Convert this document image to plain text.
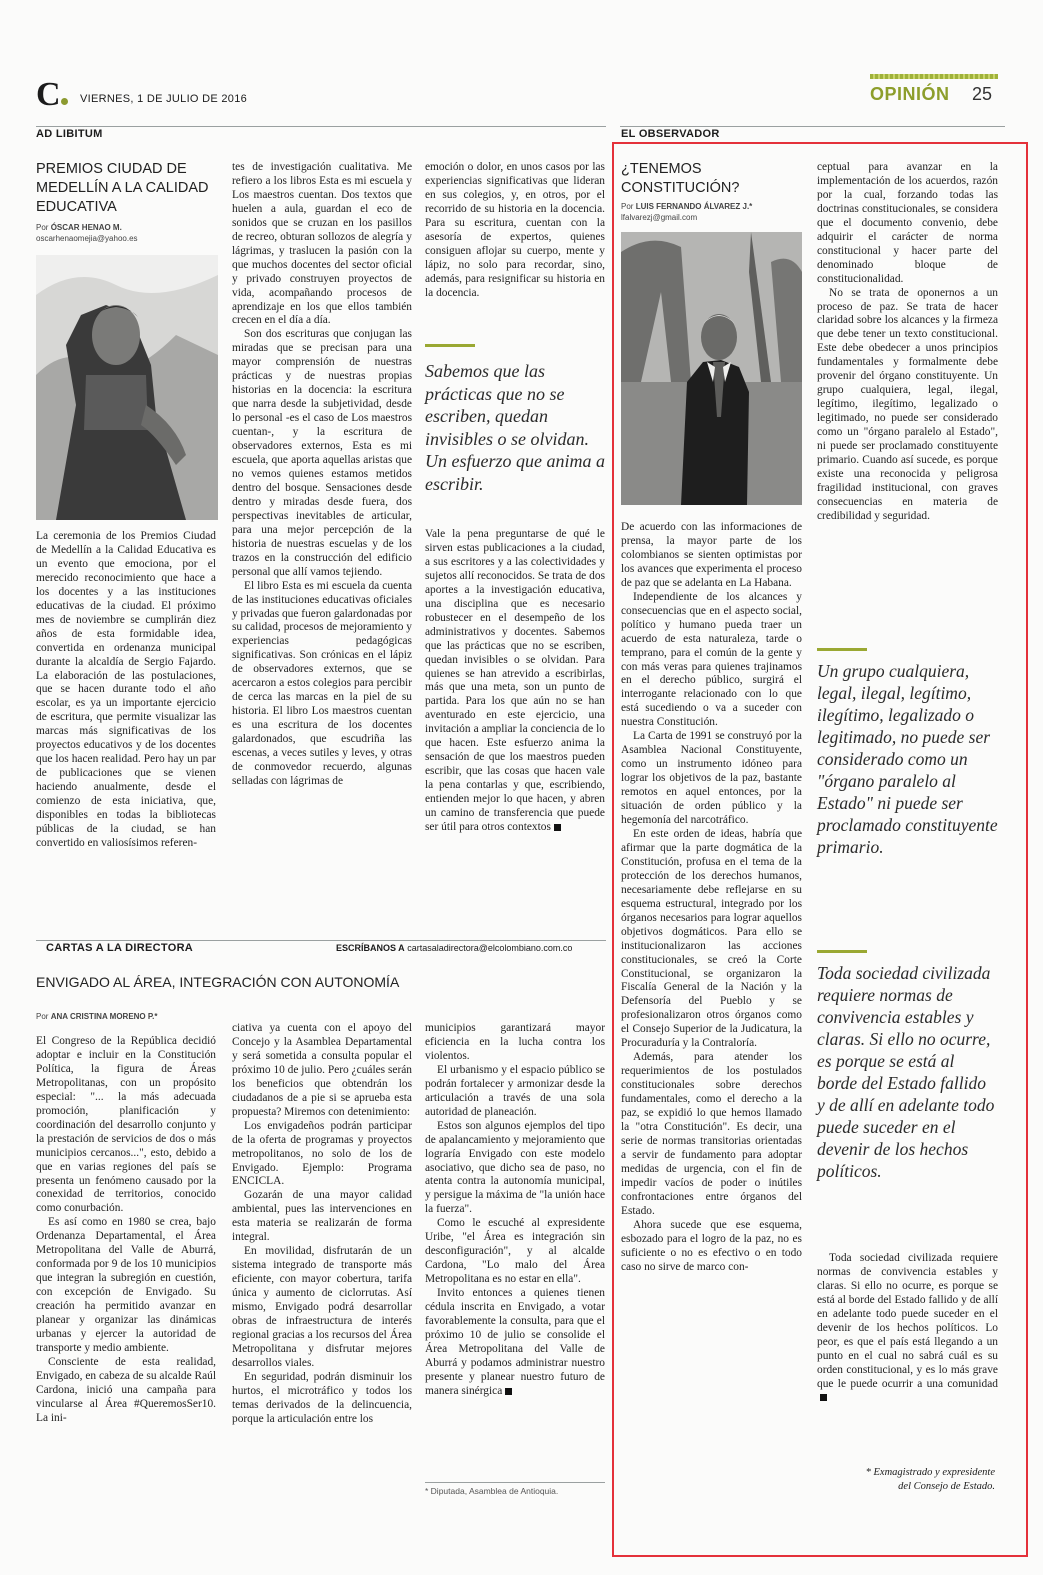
C	VIERNES, 1 DE JULIO DE 2016	OPINIÓN 25
AD LIBITUM
PREMIOS CIUDAD DE MEDELLÍN A LA CALIDAD EDUCATIVA
Por ÓSCAR HENAO M.
oscarhenaomejia@yahoo.es

La ceremonia de los Premios Ciudad de Medellín a la Calidad Educativa es un evento que emociona, por el merecido reconocimiento que hace a los docentes y a las instituciones educativas de la ciudad. El próximo mes de noviembre se cumplirán diez años de esta formidable idea, convertida en ordenanza municipal durante la alcaldía de Sergio Fajardo. La elaboración de las postulaciones, que se hacen durante todo el año escolar, es ya un importante ejercicio de escritura, que permite visualizar las marcas más significativas de los proyectos educativos y de los docentes que los hacen realidad. Pero hay un par de publicaciones que se vienen haciendo anualmente, desde el comienzo de esta iniciativa, que, disponibles en todas la bibliotecas públicas de la ciudad, se han convertido en valiosísimos referen-

tes de investigación cualitativa. Me refiero a los libros Esta es mi escuela y Los maestros cuentan. Dos textos que huelen a aula, guardan el eco de sonidos que se cruzan en los pasillos de recreo, obturan sollozos de alegría y lágrimas, y traslucen la pasión con la que muchos docentes del sector oficial y privado construyen proyectos de vida, acompañando procesos de aprendizaje en los que ellos también crecen en el día a día.

Son dos escrituras que conjugan las miradas que se precisan para una mayor comprensión de nuestras prácticas y de nuestras propias historias en la docencia: la escritura que narra desde la subjetividad, desde lo personal -es el caso de Los maestros cuentan-, y la escritura de observadores externos, Esta es mi escuela, que aporta aquellas aristas que no vemos quienes estamos metidos dentro del bosque. Sensaciones desde dentro y miradas desde fuera, dos perspectivas inevitables de articular, para una mejor percepción de la historia de nuestras escuelas y de los trazos en la construcción del edificio personal que allí vamos tejiendo.

El libro Esta es mi escuela da cuenta de las instituciones educativas oficiales y privadas que fueron galardonadas por su calidad, procesos de mejoramiento y experiencias pedagógicas significativas. Son crónicas en el lápiz de observadores externos, que se acercaron a estos colegios para percibir de cerca las marcas en la piel de su historia. El libro Los maestros cuentan es una escritura de los docentes galardonados, que escudriña las escenas, a veces sutiles y leves, y otras de conmovedor recuerdo, algunas selladas con lágrimas de

emoción o dolor, en unos casos por las experiencias significativas que lideran en sus colegios, y, en otros, por el recorrido de su historia en la docencia. Para su escritura, cuentan con la asesoría de expertos, quienes consiguen aflojar su cuerpo, mente y lápiz, no solo para recordar, sino, además, para resignificar su historia en la docencia.

Sabemos que las prácticas que no se escriben, quedan invisibles o se olvidan. Un esfuerzo que anima a escribir.

Vale la pena preguntarse de qué le sirven estas publicaciones a la ciudad, a sus escritores y a las colectividades y sujetos allí reconocidos. Se trata de dos aportes a la investigación educativa, una disciplina que es necesario robustecer en el desempeño de los administrativos y docentes. Sabemos que las prácticas que no se escriben, quedan invisibles o se olvidan. Para quienes se han atrevido a escribirlas, más que una meta, son un punto de partida. Para los que aún no se han aventurado en este ejercicio, una invitación a ampliar la conciencia de lo que hacen. Este esfuerzo anima la sensación de que los maestros pueden escribir, que las cosas que hacen vale la pena contarlas y que, escribiendo, entienden mejor lo que hacen, y abren un camino de transferencia que puede ser útil para otros contextos

CARTAS A LA DIRECTORA	ESCRÍBANOS A cartasaladirectora@elcolombiano.com.co
ENVIGADO AL ÁREA, INTEGRACIÓN CON AUTONOMÍA
Por ANA CRISTINA MORENO P.*

El Congreso de la República decidió adoptar e incluir en la Constitución Política, la figura de Áreas Metropolitanas, con un propósito especial: "... la más adecuada promoción, planificación y coordinación del desarrollo conjunto y la prestación de servicios de dos o más municipios cercanos...", esto, debido a que en varias regiones del país se presenta un fenómeno causado por la conexidad de territorios, conocido como conurbación.

Es así como en 1980 se crea, bajo Ordenanza Departamental, el Área Metropolitana del Valle de Aburrá, conformada por 9 de los 10 municipios que integran la subregión en cuestión, con excepción de Envigado. Su creación ha permitido avanzar en planear y organizar las dinámicas urbanas y ejercer la autoridad de transporte y medio ambiente.

Consciente de esta realidad, Envigado, en cabeza de su alcalde Raúl Cardona, inició una campaña para vincularse al Área #QueremosSer10. La ini-

ciativa ya cuenta con el apoyo del Concejo y la Asamblea Departamental y será sometida a consulta popular el próximo 10 de julio. Pero ¿cuáles serán los beneficios que obtendrán los ciudadanos de a pie si se aprueba esta propuesta? Miremos con detenimiento:

Los envigadeños podrán participar de la oferta de programas y proyectos metropolitanos, no solo de los de Envigado. Ejemplo: Programa ENCICLA.

Gozarán de una mayor calidad ambiental, pues las intervenciones en esta materia se realizarán de forma integral.

En movilidad, disfrutarán de un sistema integrado de transporte más eficiente, con mayor cobertura, tarifa única y aumento de ciclorrutas. Así mismo, Envigado podrá desarrollar obras de infraestructura de interés regional gracias a los recursos del Área Metropolitana y disfrutar mejores desarrollos viales.

En seguridad, podrán disminuir los hurtos, el microtráfico y todos los temas derivados de la delincuencia, porque la articulación entre los

municipios garantizará mayor eficiencia en la lucha contra los violentos.

El urbanismo y el espacio público se podrán fortalecer y armonizar desde la articulación a través de una sola autoridad de planeación.

Estos son algunos ejemplos del tipo de apalancamiento y mejoramiento que lograría Envigado con este modelo asociativo, que dicho sea de paso, no atenta contra la autonomía municipal, y persigue la máxima de "la unión hace la fuerza".

Como le escuché al expresidente Uribe, "el Área es integración sin desconfiguración", y al alcalde Cardona, "Lo malo del Área Metropolitana es no estar en ella".

Invito entonces a quienes tienen cédula inscrita en Envigado, a votar favorablemente la consulta, para que el próximo 10 de julio se consolide el Área Metropolitana del Valle de Aburrá y podamos administrar nuestro presente y planear nuestro futuro de manera sinérgica

* Diputada, Asamblea de Antioquia.
EL OBSERVADOR
¿TENEMOS CONSTITUCIÓN?
Por LUIS FERNANDO ÁLVAREZ J.*
lfalvarezj@gmail.com

De acuerdo con las informaciones de prensa, la mayor parte de los colombianos se sienten optimistas por los avances que experimenta el proceso de paz que se adelanta en La Habana.

Independiente de los alcances y consecuencias que en el aspecto social, político y humano pueda traer un acuerdo de esta naturaleza, tarde o temprano, para el común de la gente y con más veras para quienes trajinamos en el derecho público, surgirá el interrogante relacionado con lo que está sucediendo o va a suceder con nuestra Constitución.

La Carta de 1991 se construyó por la Asamblea Nacional Constituyente, como un instrumento idóneo para lograr los objetivos de la paz, bastante remotos en aquel entonces, por la situación de orden público y la hegemonía del narcotráfico.

En este orden de ideas, habría que afirmar que la parte dogmática de la Constitución, profusa en el tema de la protección de los derechos humanos, necesariamente debe reflejarse en su esquema estructural, integrado por los órganos necesarios para lograr aquellos objetivos dogmáticos. Para ello se institucionalizaron las acciones constitucionales, se creó la Corte Constitucional, se organizaron la Fiscalía General de la Nación y la Defensoría del Pueblo y se profesionalizaron otros órganos como el Consejo Superior de la Judicatura, la Procuraduría y la Contraloría.

Además, para atender los requerimientos de los postulados constitucionales sobre derechos fundamentales, como el derecho a la paz, se expidió lo que hemos llamado la "otra Constitución". Es decir, una serie de normas transitorias orientadas a servir de fundamento para adoptar medidas de urgencia, con el fin de impedir vacíos de poder o inútiles confrontaciones entre órganos del Estado.

Ahora sucede que ese esquema, esbozado para el logro de la paz, no es suficiente o no es efectivo o en todo caso no sirve de marco con-

ceptual para avanzar en la implementación de los acuerdos, razón por la cual, forzando todas las doctrinas constitucionales, se considera que el documento convenio, debe adquirir el carácter de norma constitucional y hacer parte del denominado bloque de constitucionalidad.

No se trata de oponernos a un proceso de paz. Se trata de hacer claridad sobre los alcances y la firmeza que debe tener un texto constitucional. Este debe obedecer a unos principios fundamentales y formalmente debe provenir del órgano constituyente. Un grupo cualquiera, legal, ilegal, legítimo, ilegítimo, legalizado o legitimado, no puede ser considerado como un "órgano paralelo al Estado", ni puede ser proclamado constituyente primario. Cuando así sucede, es porque existe una reconocida y peligrosa fragilidad institucional, con graves consecuencias en materia de credibilidad y seguridad.

Un grupo cualquiera, legal, ilegal, legítimo, ilegítimo, legalizado o legitimado, no puede ser considerado como un "órgano paralelo al Estado" ni puede ser proclamado constituyente primario.
Toda sociedad civilizada requiere normas de convivencia estables y claras. Si ello no ocurre, es porque se está al borde del Estado fallido y de allí en adelante todo puede suceder en el devenir de los hechos políticos.

Toda sociedad civilizada requiere normas de convivencia estables y claras. Si ello no ocurre, es porque se está al borde del Estado fallido y de allí en adelante todo puede suceder en el devenir de los hechos políticos. Lo peor, es que el país está llegando a un punto en el cual no sabrá cuál es su orden constitucional, y es lo más grave que le puede ocurrir a una comunidad

* Exmagistrado y expresidente
del Consejo de Estado.
